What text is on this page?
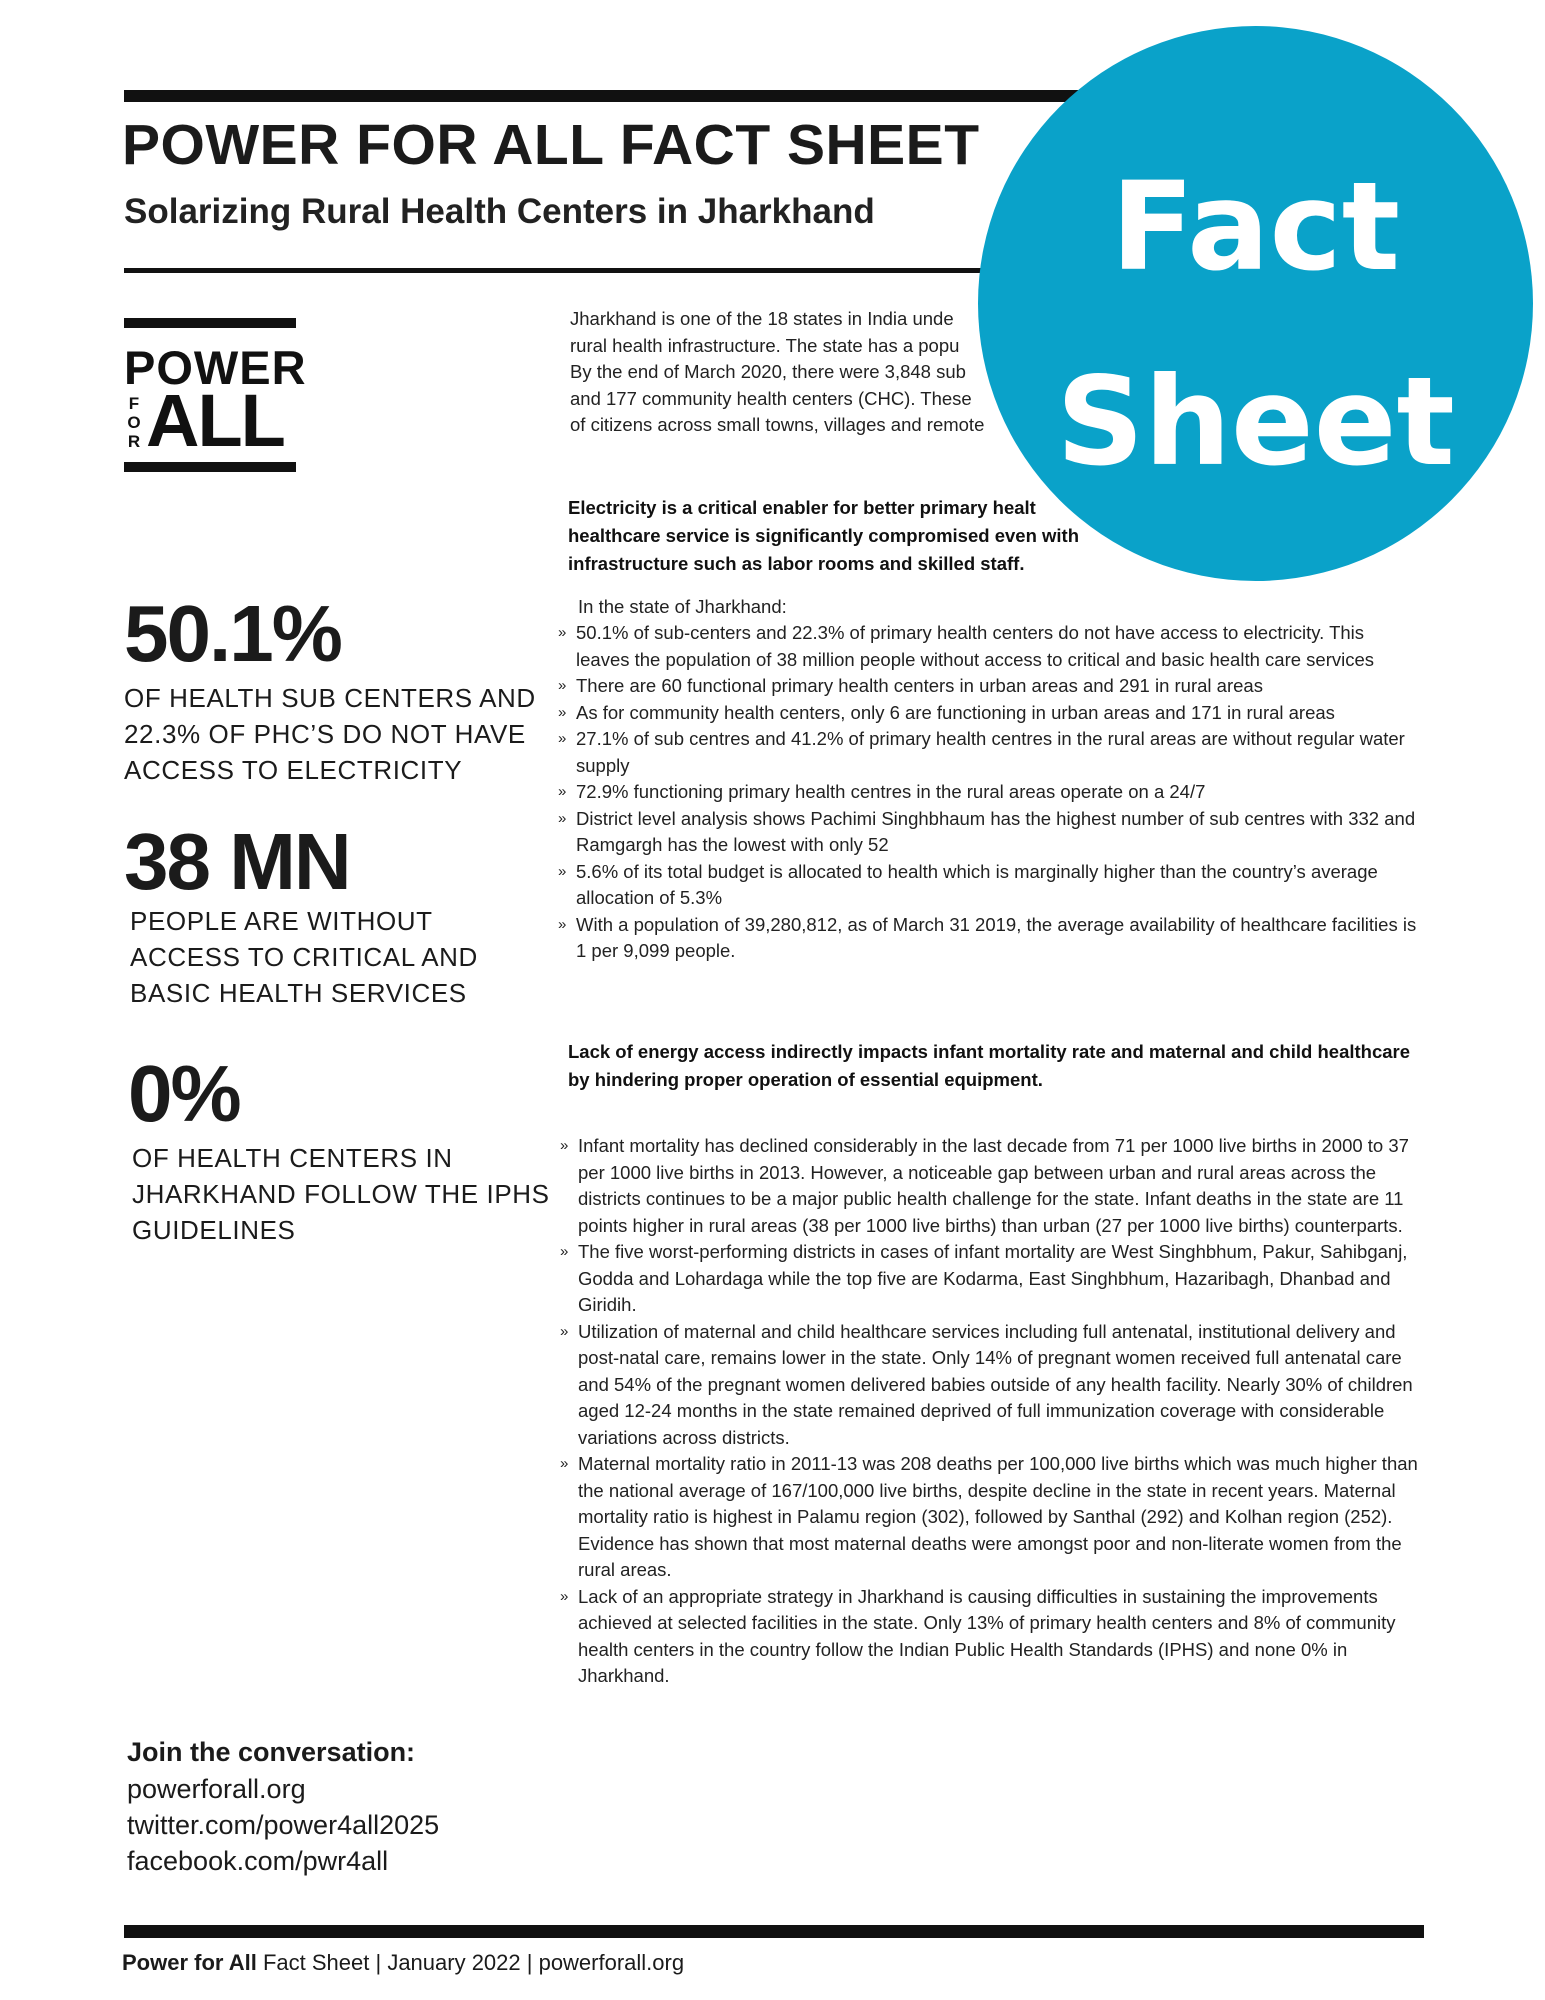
POWER FOR ALL FACT SHEET
Solarizing Rural Health Centers in Jharkhand
POWER
F
O
R ALL
Fact
Sheet
50.1%
OF HEALTH SUB CENTERS AND
22.3% OF PHC’S DO NOT HAVE
ACCESS TO ELECTRICITY
38 MN
PEOPLE ARE WITHOUT
ACCESS TO CRITICAL AND
BASIC HEALTH SERVICES
0%
OF HEALTH CENTERS IN
JHARKHAND FOLLOW THE IPHS
GUIDELINES
Jharkhand is one of the 18 states in India unde
rural health infrastructure. The state has a popu
By the end of March 2020, there were 3,848 sub
and 177 community health centers (CHC). These
of citizens across small towns, villages and remote

Electricity is a critical enabler for better primary healt healthcare service is significantly compromised even with infrastructure such as labor rooms and skilled staff.

In the state of Jharkhand:
» 50.1% of sub-centers and 22.3% of primary health centers do not have access to electricity. This leaves the population of 38 million people without access to critical and basic health care services
» There are 60 functional primary health centers in urban areas and 291 in rural areas
» As for community health centers, only 6 are functioning in urban areas and 171 in rural areas
» 27.1% of sub centres and 41.2% of primary health centres in the rural areas are without regular water supply
» 72.9% functioning primary health centres in the rural areas operate on a 24/7
» District level analysis shows Pachimi Singhbhaum has the highest number of sub centres with 332 and Ramgargh has the lowest with only 52
» 5.6% of its total budget is allocated to health which is marginally higher than the country’s average allocation of 5.3%
» With a population of 39,280,812, as of March 31 2019, the average availability of healthcare facilities is 1 per 9,099 people.

Lack of energy access indirectly impacts infant mortality rate and maternal and child healthcare by hindering proper operation of essential equipment.

» Infant mortality has declined considerably in the last decade from 71 per 1000 live births in 2000 to 37 per 1000 live births in 2013. However, a noticeable gap between urban and rural areas across the districts continues to be a major public health challenge for the state. Infant deaths in the state are 11 points higher in rural areas (38 per 1000 live births) than urban (27 per 1000 live births) counterparts.
» The five worst-performing districts in cases of infant mortality are West Singhbhum, Pakur, Sahibganj, Godda and Lohardaga while the top five are Kodarma, East Singhbhum, Hazaribagh, Dhanbad and Giridih.
» Utilization of maternal and child healthcare services including full antenatal, institutional delivery and post-natal care, remains lower in the state. Only 14% of pregnant women received full antenatal care and 54% of the pregnant women delivered babies outside of any health facility. Nearly 30% of children aged 12-24 months in the state remained deprived of full immunization coverage with considerable variations across districts.
» Maternal mortality ratio in 2011-13 was 208 deaths per 100,000 live births which was much higher than the national average of 167/100,000 live births, despite decline in the state in recent years. Maternal mortality ratio is highest in Palamu region (302), followed by Santhal (292) and Kolhan region (252). Evidence has shown that most maternal deaths were amongst poor and non-literate women from the rural areas.
» Lack of an appropriate strategy in Jharkhand is causing difficulties in sustaining the improvements achieved at selected facilities in the state. Only 13% of primary health centers and 8% of community health centers in the country follow the Indian Public Health Standards (IPHS) and none 0% in Jharkhand.
Join the conversation:
powerforall.org
twitter.com/power4all2025
facebook.com/pwr4all
Power for All Fact Sheet | January 2022 | powerforall.org
